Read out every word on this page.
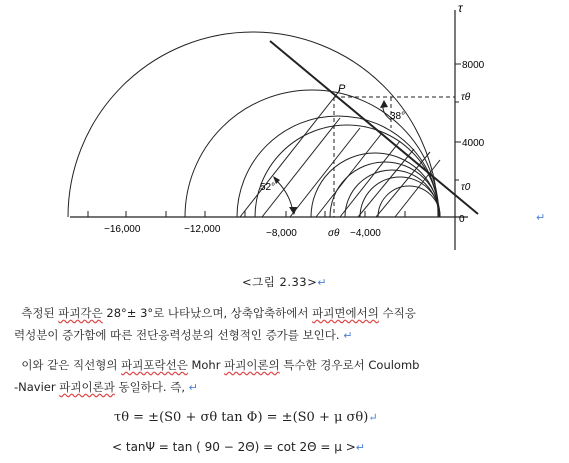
τ
8000
τθ
4000
τ0
0
P
38°
52°
−16,000	−12,000	−8,000	σθ −4,000
↵
<그림 2.33>↵
측정된 파괴각은 28°± 3°로 나타났으며, 상축압축하에서 파괴면에서의 수직응
력성분이 증가함에 따른 전단응력성분의 선형적인 증가를 보인다. ↵
이와 같은 직선형의 파괴포락선은 Mohr 파괴이론의 특수한 경우로서 Coulomb
-Navier 파괴이론과 동일하다. 즉, ↵
τθ = ±(S0 + σθ tan Φ) = ±(S0 + μ σθ)↵
< tanΨ = tan ( 90 − 2Θ) = cot 2Θ = μ >↵
